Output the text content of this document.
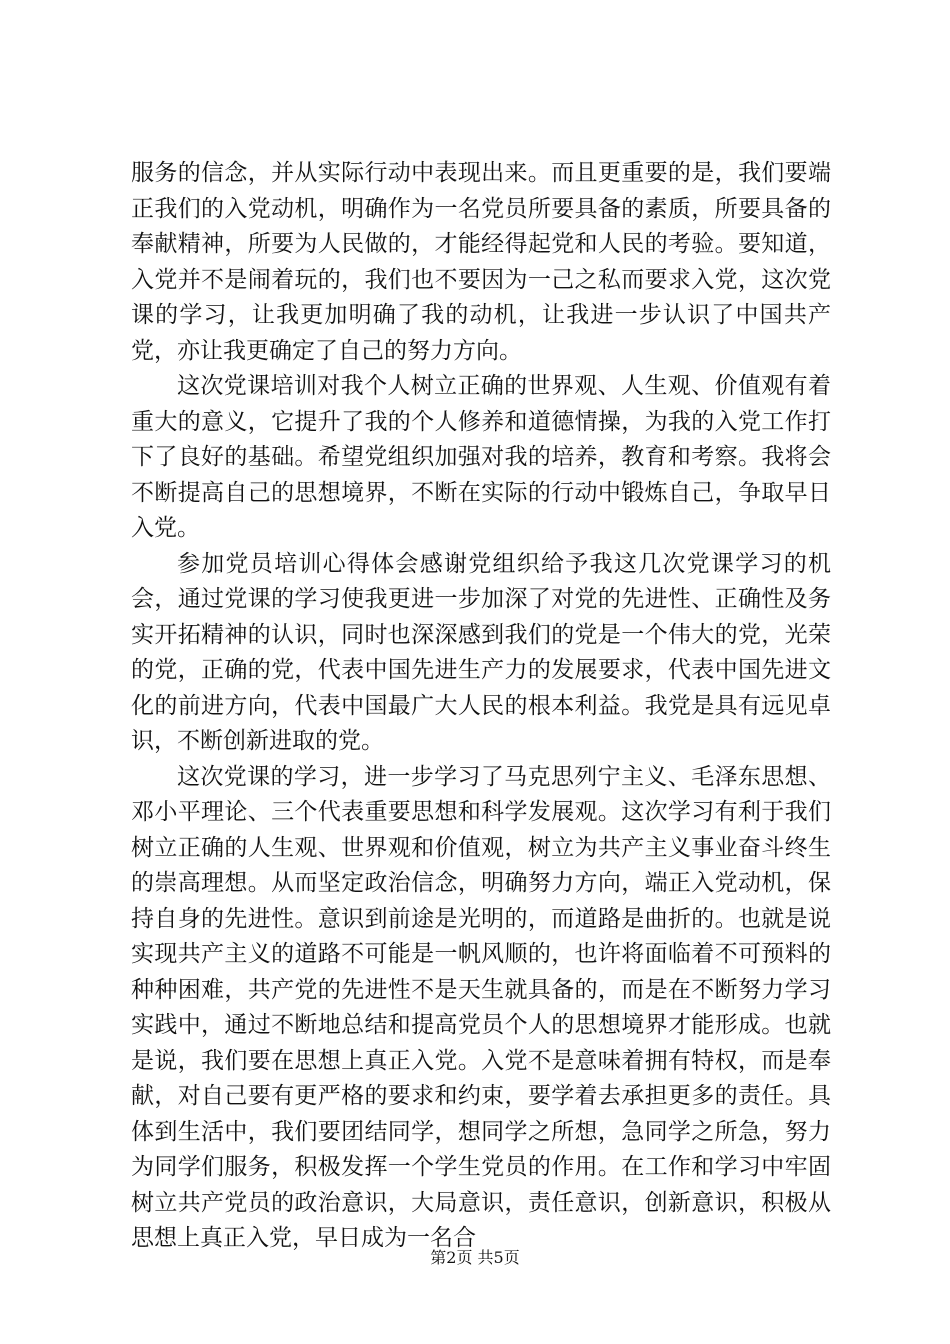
服务的信念，并从实际行动中表现出来。而且更重要的是，我们要端正我们的入党动机，明确作为一名党员所要具备的素质，所要具备的奉献精神，所要为人民做的，才能经得起党和人民的考验。要知道，入党并不是闹着玩的，我们也不要因为一己之私而要求入党，这次党课的学习，让我更加明确了我的动机，让我进一步认识了中国共产党，亦让我更确定了自己的努力方向。

这次党课培训对我个人树立正确的世界观、人生观、价值观有着重大的意义，它提升了我的个人修养和道德情操，为我的入党工作打下了良好的基础。希望党组织加强对我的培养，教育和考察。我将会不断提高自己的思想境界，不断在实际的行动中锻炼自己，争取早日入党。

参加党员培训心得体会感谢党组织给予我这几次党课学习的机会，通过党课的学习使我更进一步加深了对党的先进性、正确性及务实开拓精神的认识，同时也深深感到我们的党是一个伟大的党，光荣的党，正确的党，代表中国先进生产力的发展要求，代表中国先进文化的前进方向，代表中国最广大人民的根本利益。我党是具有远见卓识，不断创新进取的党。

这次党课的学习，进一步学习了马克思列宁主义、毛泽东思想、邓小平理论、三个代表重要思想和科学发展观。这次学习有利于我们树立正确的人生观、世界观和价值观，树立为共产主义事业奋斗终生的崇高理想。从而坚定政治信念，明确努力方向，端正入党动机，保持自身的先进性。意识到前途是光明的，而道路是曲折的。也就是说实现共产主义的道路不可能是一帆风顺的，也许将面临着不可预料的种种困难，共产党的先进性不是天生就具备的，而是在不断努力学习实践中，通过不断地总结和提高党员个人的思想境界才能形成。也就是说，我们要在思想上真正入党。入党不是意味着拥有特权，而是奉献，对自己要有更严格的要求和约束，要学着去承担更多的责任。具体到生活中，我们要团结同学，想同学之所想，急同学之所急，努力为同学们服务，积极发挥一个学生党员的作用。在工作和学习中牢固树立共产党员的政治意识，大局意识，责任意识，创新意识，积极从思想上真正入党，早日成为一名合

第2页 共5页
